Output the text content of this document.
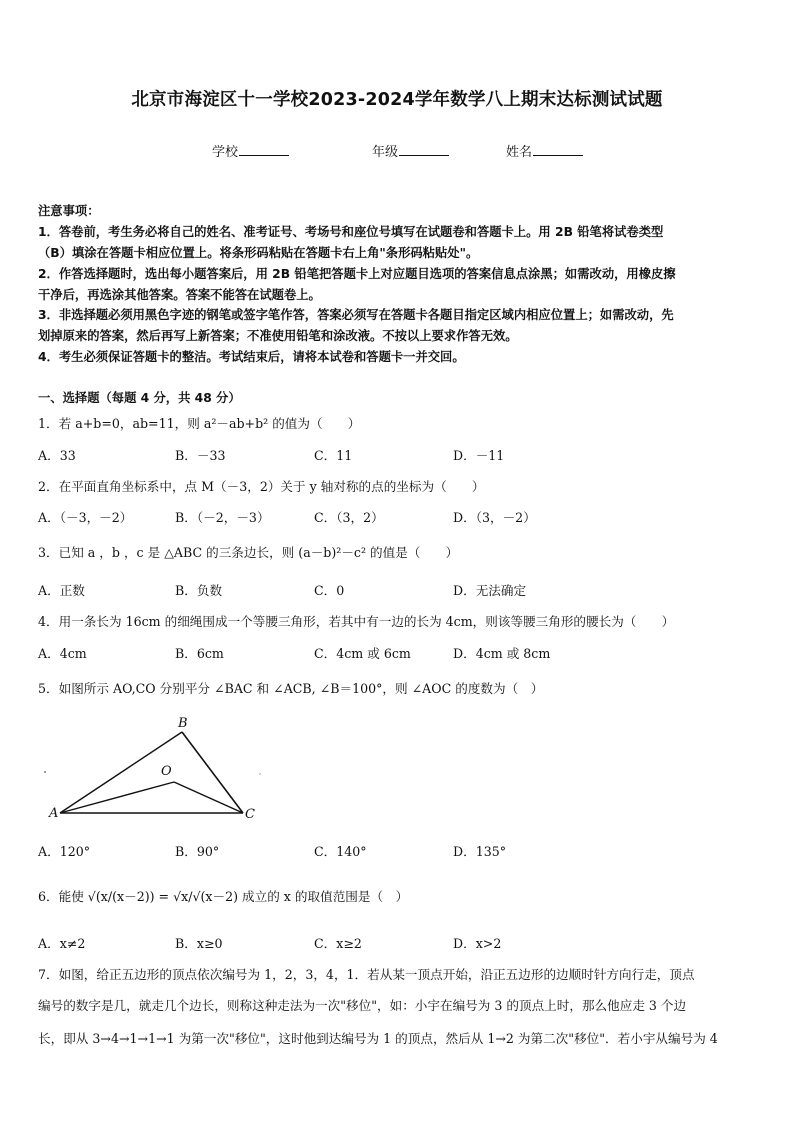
北京市海淀区十一学校2023-2024学年数学八上期末达标测试试题
学校	年级	姓名
注意事项：
1．答卷前，考生务必将自己的姓名、准考证号、考场号和座位号填写在试题卷和答题卡上。用 2B 铅笔将试卷类型
（B）填涂在答题卡相应位置上。将条形码粘贴在答题卡右上角"条形码粘贴处"。
2．作答选择题时，选出每小题答案后，用 2B 铅笔把答题卡上对应题目选项的答案信息点涂黑；如需改动，用橡皮擦
干净后，再选涂其他答案。答案不能答在试题卷上。
3．非选择题必须用黑色字迹的钢笔或签字笔作答，答案必须写在答题卡各题目指定区域内相应位置上；如需改动，先
划掉原来的答案，然后再写上新答案；不准使用铅笔和涂改液。不按以上要求作答无效。
4．考生必须保证答题卡的整洁。考试结束后，请将本试卷和答题卡一并交回。
一、选择题（每题 4 分，共 48 分）
1．若 a+b=0，ab=11，则 a²－ab+b² 的值为（　　）
A．33	B．－33	C．11	D．－11
2．在平面直角坐标系中，点 M（－3，2）关于 y 轴对称的点的坐标为（　　）
A．（－3，－2）	B．（－2，－3）	C．（3，2）	D．（3，－2）
3．已知 a ，b ，c 是 △ABC 的三条边长，则 (a－b)²－c² 的值是（　　）
A．正数	B．负数	C．0	D．无法确定
4．用一条长为 16cm 的细绳围成一个等腰三角形，若其中有一边的长为 4cm，则该等腰三角形的腰长为（　　）
A．4cm	B．6cm	C．4cm 或 6cm	D．4cm 或 8cm
5．如图所示 AO,CO 分别平分 ∠BAC 和 ∠ACB, ∠B＝100°，则 ∠AOC 的度数为（　）
,
B
O
A	C
A．120°	B．90°	C．140°	D．135°
6．能使 √(x/(x－2)) = √x/√(x－2) 成立的 x 的取值范围是（　）
A．x≠2	B．x≥0	C．x≥2	D．x>2
7．如图，给正五边形的顶点依次编号为 1，2，3，4，1．若从某一顶点开始，沿正五边形的边顺时针方向行走，顶点
编号的数字是几，就走几个边长，则称这种走法为一次"移位"，如：小宇在编号为 3 的顶点上时，那么他应走 3 个边
长，即从 3→4→1→1→1 为第一次"移位"，这时他到达编号为 1 的顶点，然后从 1→2 为第二次"移位"．若小宇从编号为 4
